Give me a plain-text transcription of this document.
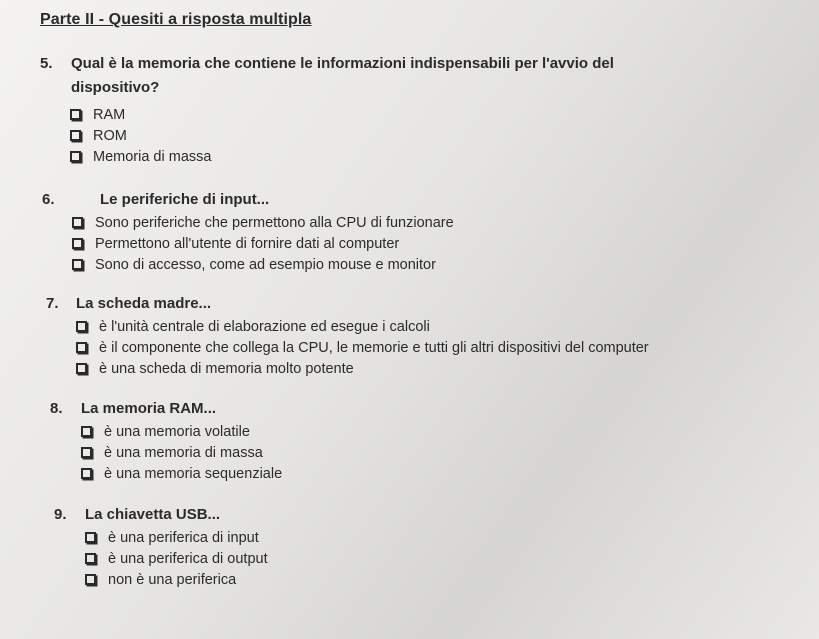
Parte II - Quesiti a risposta multipla
5.	Qual è la memoria che contiene le informazioni indispensabili per l'avvio del dispositivo?
RAM
ROM
Memoria di massa
6.	Le periferiche di input...
Sono periferiche che permettono alla CPU di funzionare
Permettono all'utente di fornire dati al computer
Sono di accesso, come ad esempio mouse e monitor
7.	La scheda madre...
è l'unità centrale di elaborazione ed esegue i calcoli
è il componente che collega la CPU, le memorie e tutti gli altri dispositivi del computer
è una scheda di memoria molto potente
8.	La memoria RAM...
è una memoria volatile
è una memoria di massa
è una memoria sequenziale
9.	La chiavetta USB...
è una periferica di input
è una periferica di output
non è una periferica
